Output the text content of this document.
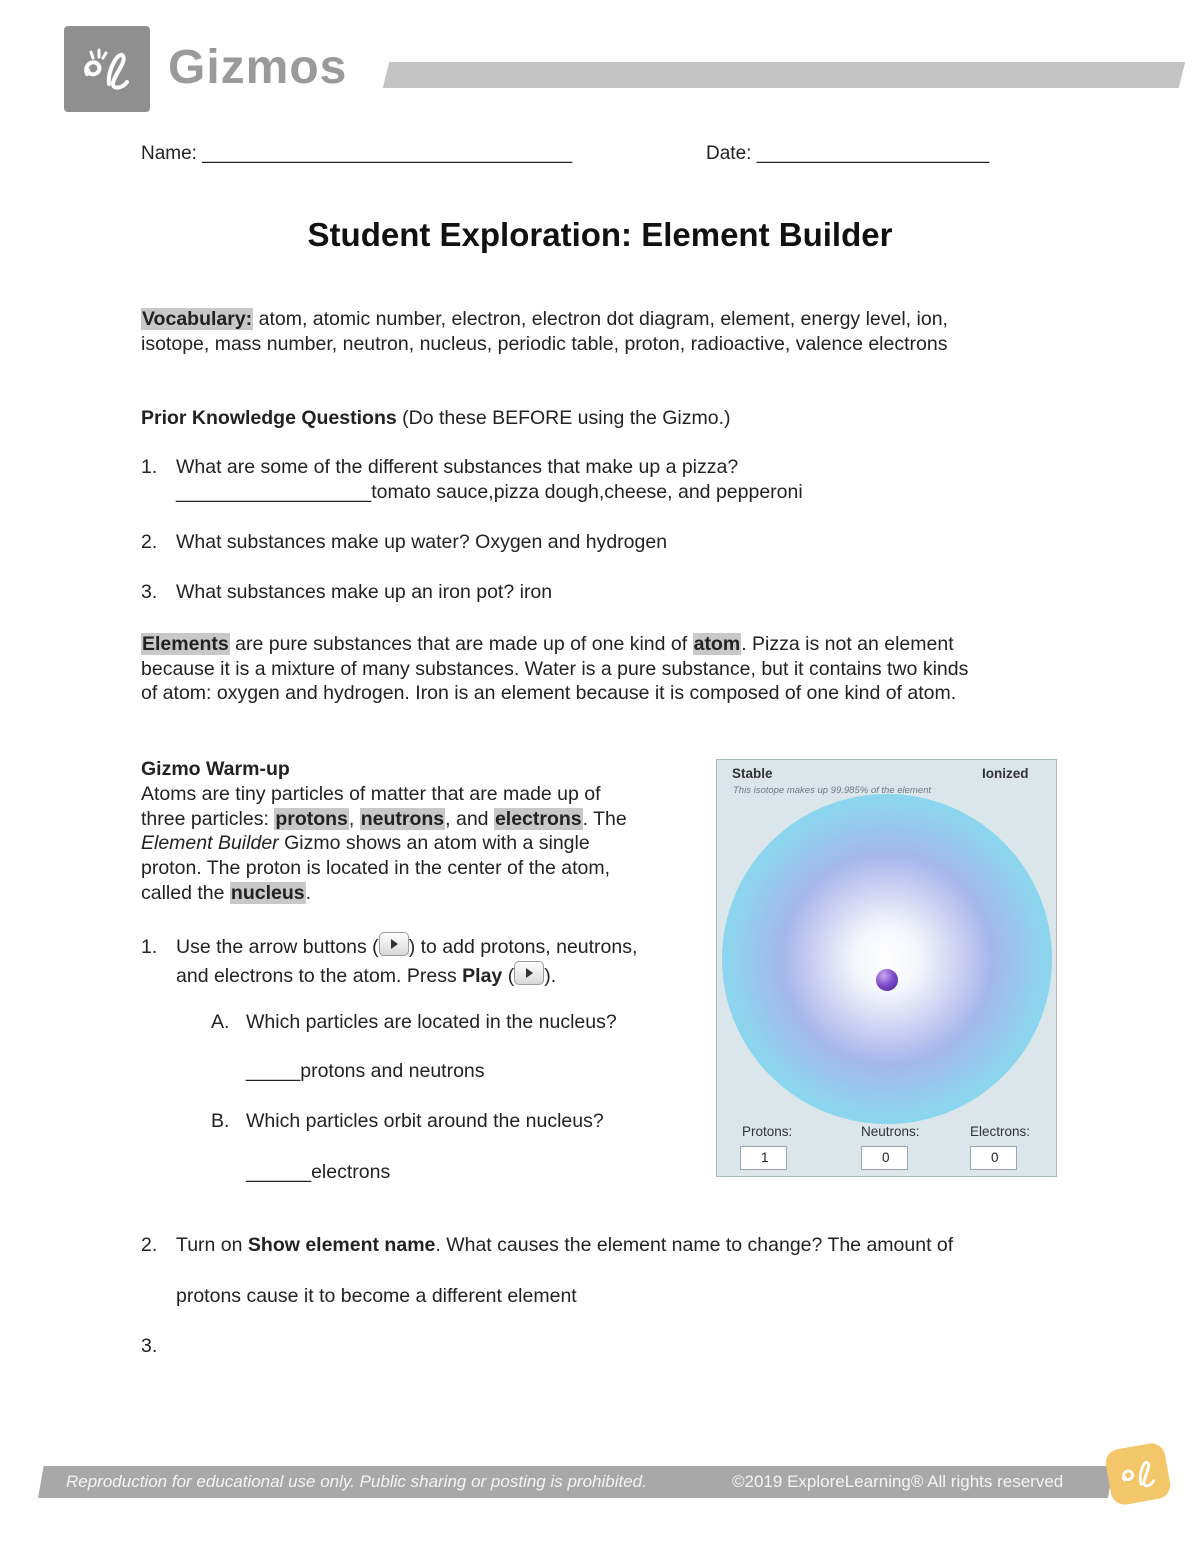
Gizmos
Name: ___________________________________	Date: ______________________
Student Exploration: Element Builder
Vocabulary: atom, atomic number, electron, electron dot diagram, element, energy level, ion,
isotope, mass number, neutron, nucleus, periodic table, proton, radioactive, valence electrons
Prior Knowledge Questions (Do these BEFORE using the Gizmo.)
1. What are some of the different substances that make up a pizza?
__________________tomato sauce,pizza dough,cheese, and pepperoni
2. What substances make up water? Oxygen and hydrogen
3. What substances make up an iron pot? iron
Elements are pure substances that are made up of one kind of atom. Pizza is not an element
because it is a mixture of many substances. Water is a pure substance, but it contains two kinds
of atom: oxygen and hydrogen. Iron is an element because it is composed of one kind of atom.
Gizmo Warm-up
Atoms are tiny particles of matter that are made up of
three particles: protons, neutrons, and electrons. The
Element Builder Gizmo shows an atom with a single
proton. The proton is located in the center of the atom,
called the nucleus.
1. Use the arrow buttons ( ) to add protons, neutrons,
and electrons to the atom. Press Play ( ).
A. Which particles are located in the nucleus?
_____protons and neutrons
B. Which particles orbit around the nucleus?
______electrons
2. Turn on Show element name. What causes the element name to change? The amount of
protons cause it to become a different element
3.
Stable	Ionized
This isotope makes up 99.985% of the element
Protons:	Neutrons:	Electrons:
1	0	0
Reproduction for educational use only. Public sharing or posting is prohibited.	©2019 ExploreLearning® All rights reserved
